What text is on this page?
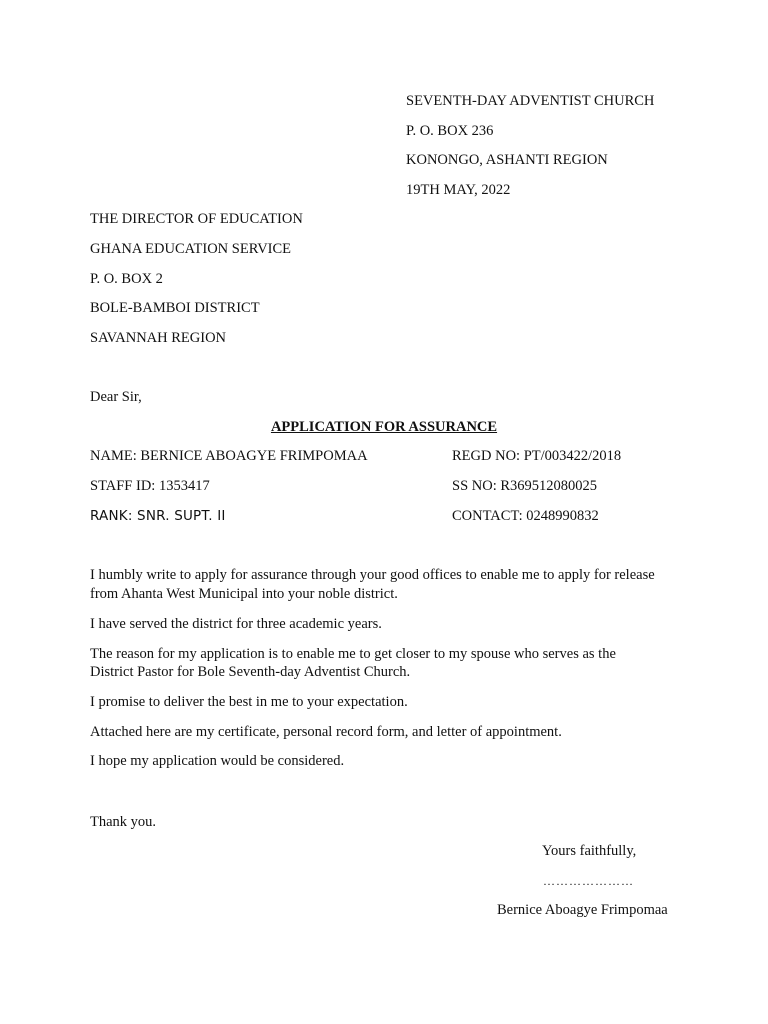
SEVENTH-DAY ADVENTIST CHURCH
P. O. BOX 236
KONONGO, ASHANTI REGION
19TH MAY, 2022
THE DIRECTOR OF EDUCATION
GHANA EDUCATION SERVICE
P. O. BOX 2
BOLE-BAMBOI DISTRICT
SAVANNAH REGION
Dear Sir,
APPLICATION FOR ASSURANCE
NAME: BERNICE ABOAGYE FRIMPOMAA	REGD NO: PT/003422/2018
STAFF ID: 1353417	SS NO: R369512080025
RANK: SNR. SUPT. II	CONTACT: 0248990832
I humbly write to apply for assurance through your good offices to enable me to apply for release
from Ahanta West Municipal into your noble district.
I have served the district for three academic years.
The reason for my application is to enable me to get closer to my spouse who serves as the
District Pastor for Bole Seventh-day Adventist Church.
I promise to deliver the best in me to your expectation.
Attached here are my certificate, personal record form, and letter of appointment.
I hope my application would be considered.
Thank you.
Yours faithfully,
…………………
Bernice Aboagye Frimpomaa
